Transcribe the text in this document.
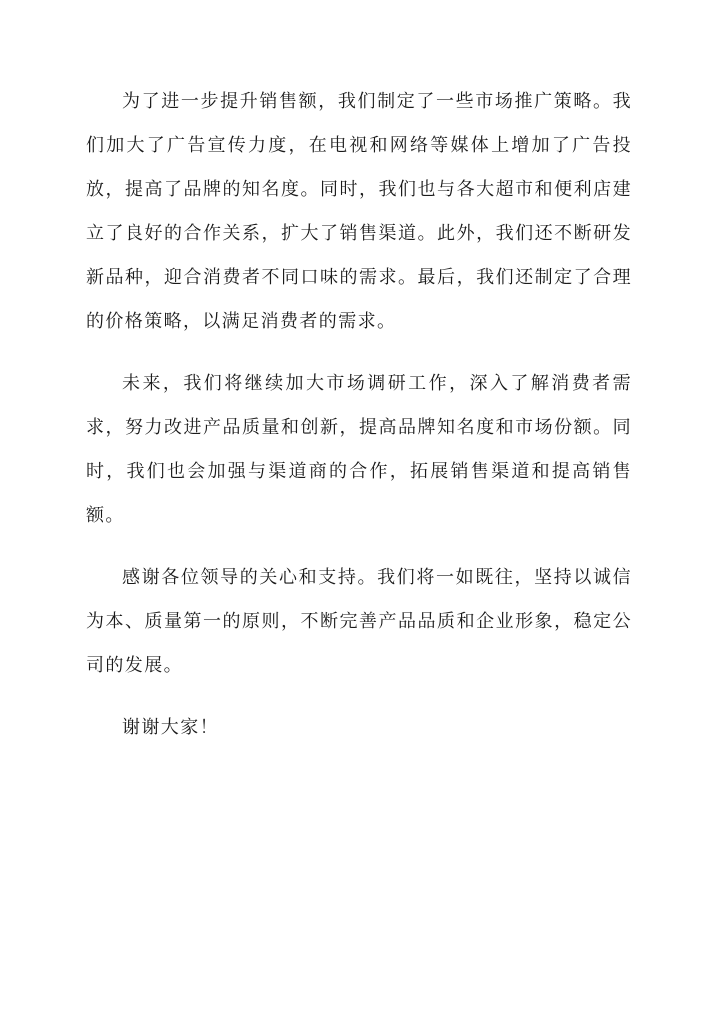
为了进一步提升销售额，我们制定了一些市场推广策略。我们加大了广告宣传力度，在电视和网络等媒体上增加了广告投放，提高了品牌的知名度。同时，我们也与各大超市和便利店建立了良好的合作关系，扩大了销售渠道。此外，我们还不断研发新品种，迎合消费者不同口味的需求。最后，我们还制定了合理的价格策略，以满足消费者的需求。

未来，我们将继续加大市场调研工作，深入了解消费者需求，努力改进产品质量和创新，提高品牌知名度和市场份额。同时，我们也会加强与渠道商的合作，拓展销售渠道和提高销售额。

感谢各位领导的关心和支持。我们将一如既往，坚持以诚信为本、质量第一的原则，不断完善产品品质和企业形象，稳定公司的发展。

谢谢大家！
